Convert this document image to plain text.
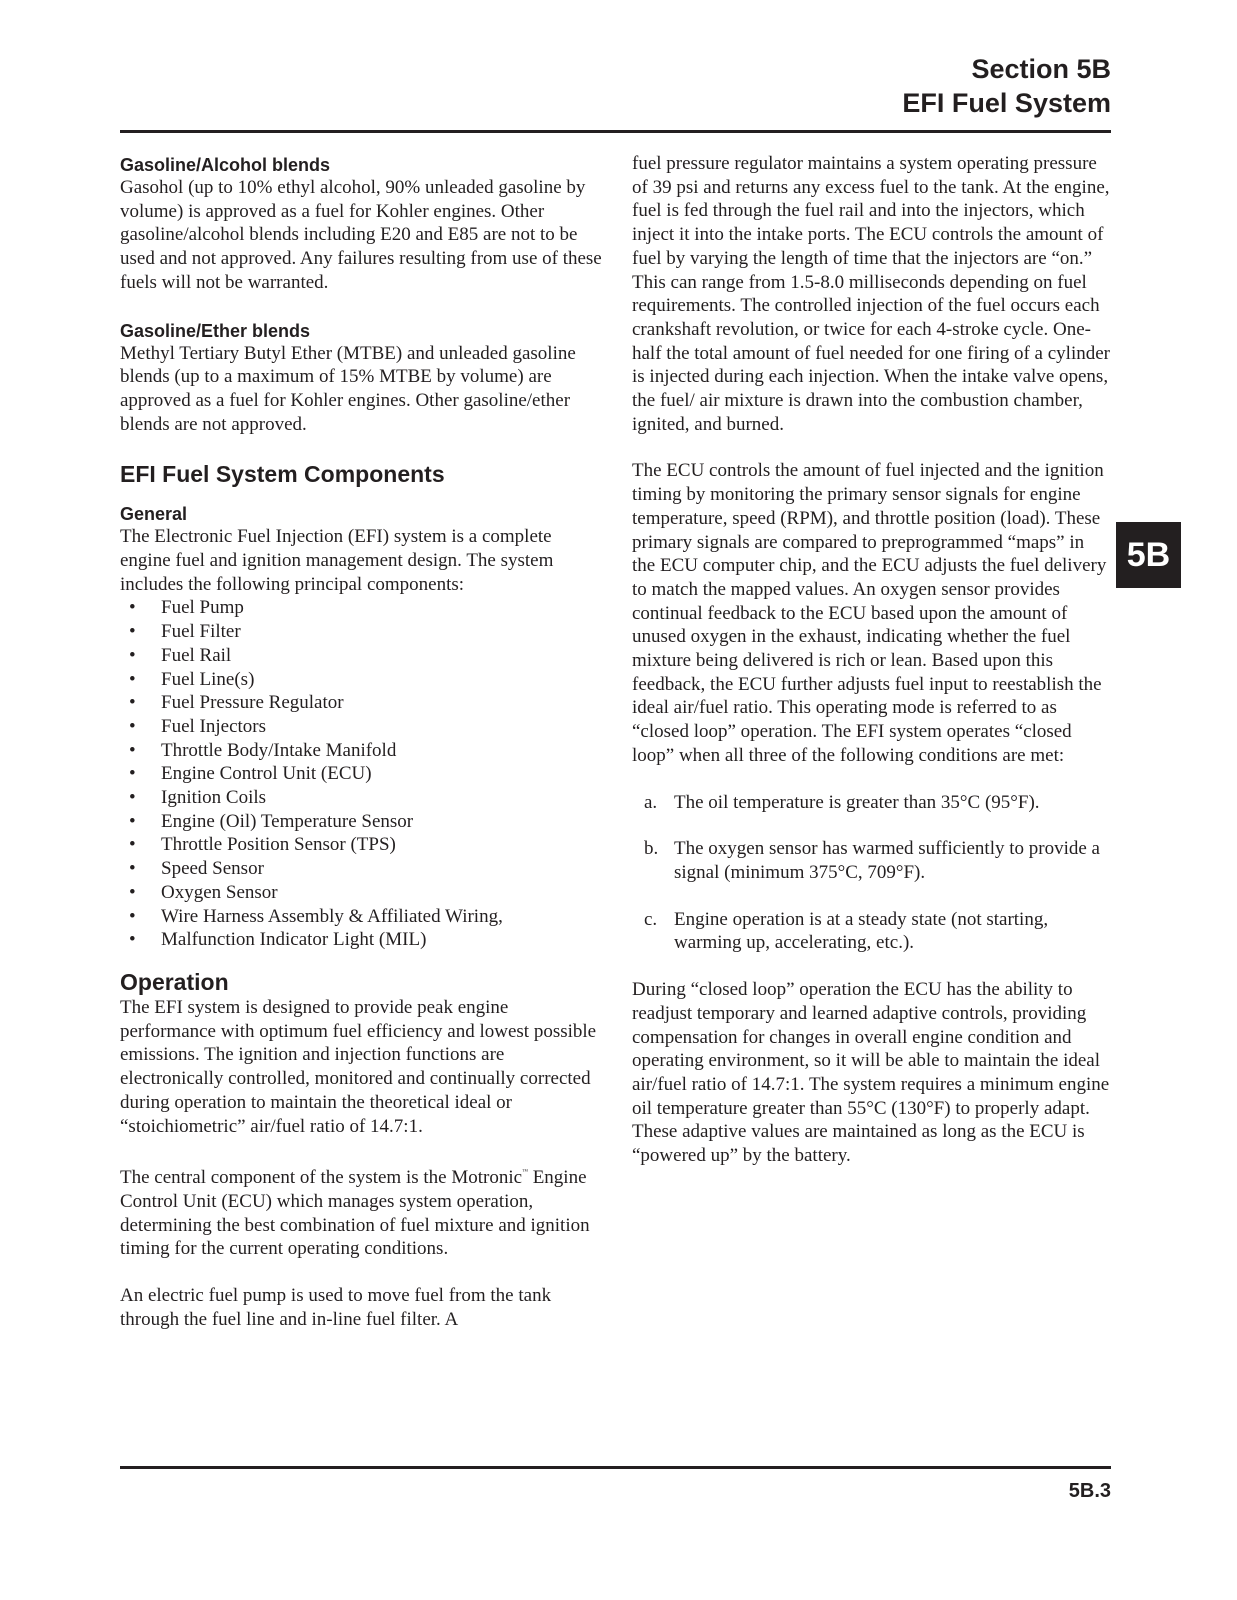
Section 5B
EFI Fuel System
5B
Gasoline/Alcohol blends

Gasohol (up to 10% ethyl alcohol, 90% unleaded gasoline by volume) is approved as a fuel for Kohler engines. Other gasoline/alcohol blends including E20 and E85 are not to be used and not approved. Any failures resulting from use of these fuels will not be warranted.

Gasoline/Ether blends

Methyl Tertiary Butyl Ether (MTBE) and unleaded gasoline blends (up to a maximum of 15% MTBE by volume) are approved as a fuel for Kohler engines. Other gasoline/ether blends are not approved.

EFI Fuel System Components
General

The Electronic Fuel Injection (EFI) system is a complete engine fuel and ignition management design. The system includes the following principal components:

• Fuel Pump
• Fuel Filter
• Fuel Rail
• Fuel Line(s)
• Fuel Pressure Regulator
• Fuel Injectors
• Throttle Body/Intake Manifold
• Engine Control Unit (ECU)
• Ignition Coils
• Engine (Oil) Temperature Sensor
• Throttle Position Sensor (TPS)
• Speed Sensor
• Oxygen Sensor
• Wire Harness Assembly & Affiliated Wiring,
• Malfunction Indicator Light (MIL)
Operation

The EFI system is designed to provide peak engine performance with optimum fuel efficiency and lowest possible emissions. The ignition and injection functions are electronically controlled, monitored and continually corrected during operation to maintain the theoretical ideal or “stoichiometric” air/fuel ratio of 14.7:1.

The central component of the system is the Motronic™ Engine Control Unit (ECU) which manages system operation, determining the best combination of fuel mixture and ignition timing for the current operating conditions.

An electric fuel pump is used to move fuel from the tank through the fuel line and in-line fuel filter. A

fuel pressure regulator maintains a system operating pressure of 39 psi and returns any excess fuel to the tank. At the engine, fuel is fed through the fuel rail and into the injectors, which inject it into the intake ports. The ECU controls the amount of fuel by varying the length of time that the injectors are “on.” This can range from 1.5-8.0 milliseconds depending on fuel requirements. The controlled injection of the fuel occurs each crankshaft revolution, or twice for each 4-stroke cycle. One-half the total amount of fuel needed for one firing of a cylinder is injected during each injection. When the intake valve opens, the fuel/ air mixture is drawn into the combustion chamber, ignited, and burned.

The ECU controls the amount of fuel injected and the ignition timing by monitoring the primary sensor signals for engine temperature, speed (RPM), and throttle position (load). These primary signals are compared to preprogrammed “maps” in the ECU computer chip, and the ECU adjusts the fuel delivery to match the mapped values. An oxygen sensor provides continual feedback to the ECU based upon the amount of unused oxygen in the exhaust, indicating whether the fuel mixture being delivered is rich or lean. Based upon this feedback, the ECU further adjusts fuel input to reestablish the ideal air/fuel ratio. This operating mode is referred to as “closed loop” operation. The EFI system operates “closed loop” when all three of the following conditions are met:

a. The oil temperature is greater than 35°C (95°F).
b. The oxygen sensor has warmed sufficiently to provide a signal (minimum 375°C, 709°F).
c. Engine operation is at a steady state (not starting, warming up, accelerating, etc.).

During “closed loop” operation the ECU has the ability to readjust temporary and learned adaptive controls, providing compensation for changes in overall engine condition and operating environment, so it will be able to maintain the ideal air/fuel ratio of 14.7:1. The system requires a minimum engine oil temperature greater than 55°C (130°F) to properly adapt. These adaptive values are maintained as long as the ECU is “powered up” by the battery.

5B.3
